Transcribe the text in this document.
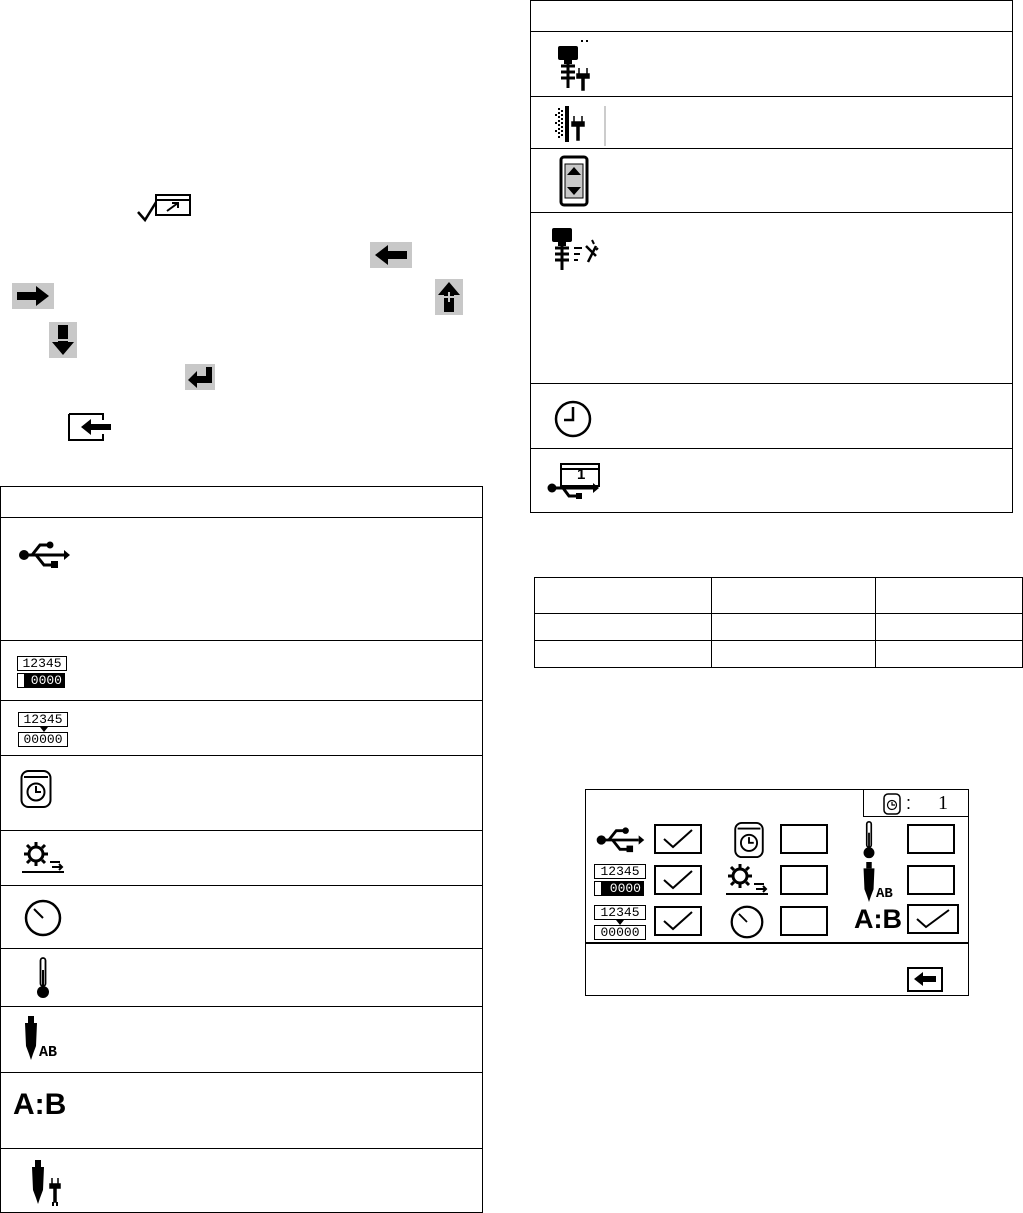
12345
0000
12345
00000
AB
A:B
1
: 1
12345
0000	AB
12345
00000	A:B
